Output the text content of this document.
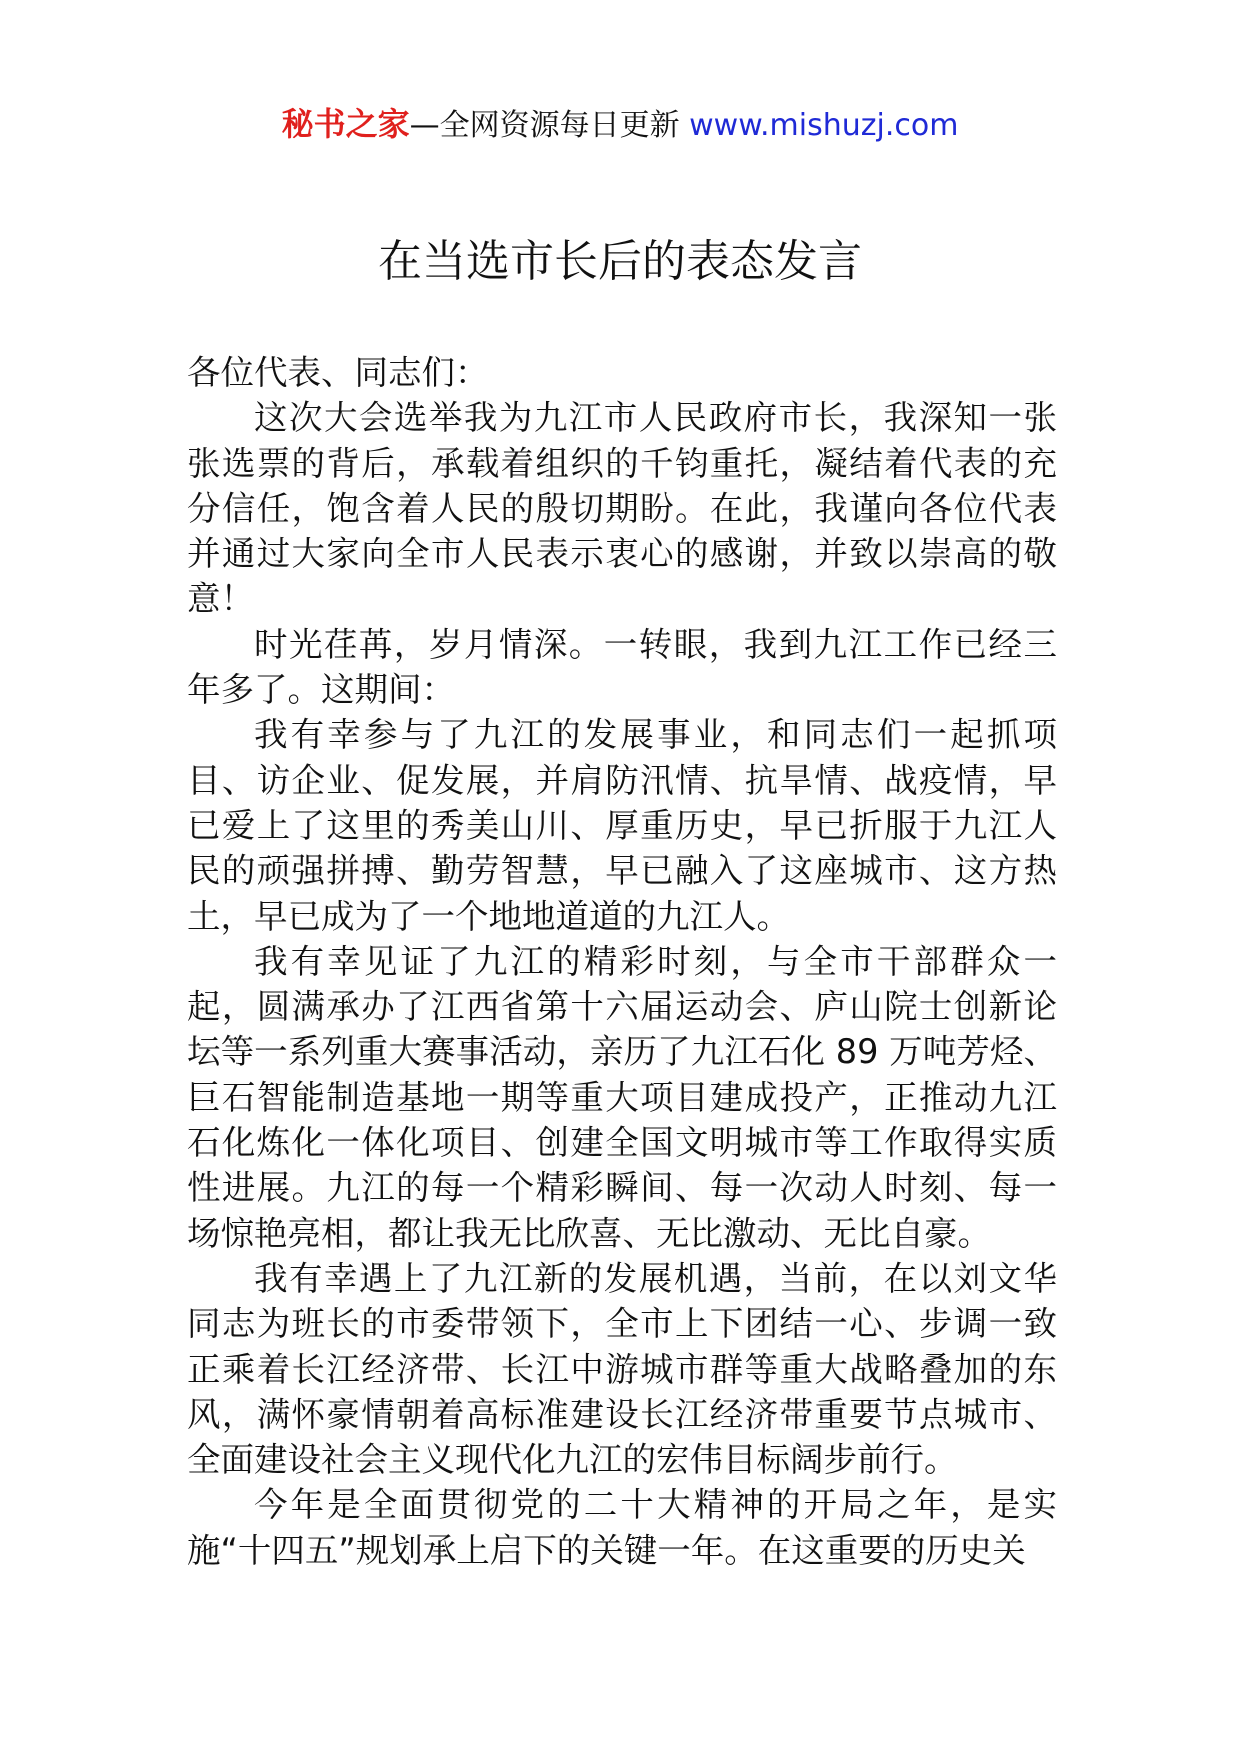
秘书之家—全网资源每日更新 www.mishuzj.com
在当选市长后的表态发言

各位代表、同志们：

这次大会选举我为九江市人民政府市长，我深知一张张选票的背后，承载着组织的千钧重托，凝结着代表的充分信任，饱含着人民的殷切期盼。在此，我谨向各位代表并通过大家向全市人民表示衷心的感谢，并致以崇高的敬意！

时光荏苒，岁月情深。一转眼，我到九江工作已经三年多了。这期间：

我有幸参与了九江的发展事业，和同志们一起抓项目、访企业、促发展，并肩防汛情、抗旱情、战疫情，早已爱上了这里的秀美山川、厚重历史，早已折服于九江人民的顽强拼搏、勤劳智慧，早已融入了这座城市、这方热土，早已成为了一个地地道道的九江人。

我有幸见证了九江的精彩时刻，与全市干部群众一起，圆满承办了江西省第十六届运动会、庐山院士创新论坛等一系列重大赛事活动，亲历了九江石化 89 万吨芳烃、巨石智能制造基地一期等重大项目建成投产，正推动九江石化炼化一体化项目、创建全国文明城市等工作取得实质性进展。九江的每一个精彩瞬间、每一次动人时刻、每一场惊艳亮相，都让我无比欣喜、无比激动、无比自豪。

我有幸遇上了九江新的发展机遇，当前，在以刘文华同志为班长的市委带领下，全市上下团结一心、步调一致正乘着长江经济带、长江中游城市群等重大战略叠加的东风，满怀豪情朝着高标准建设长江经济带重要节点城市、全面建设社会主义现代化九江的宏伟目标阔步前行。

今年是全面贯彻党的二十大精神的开局之年，是实施“十四五”规划承上启下的关键一年。在这重要的历史关
